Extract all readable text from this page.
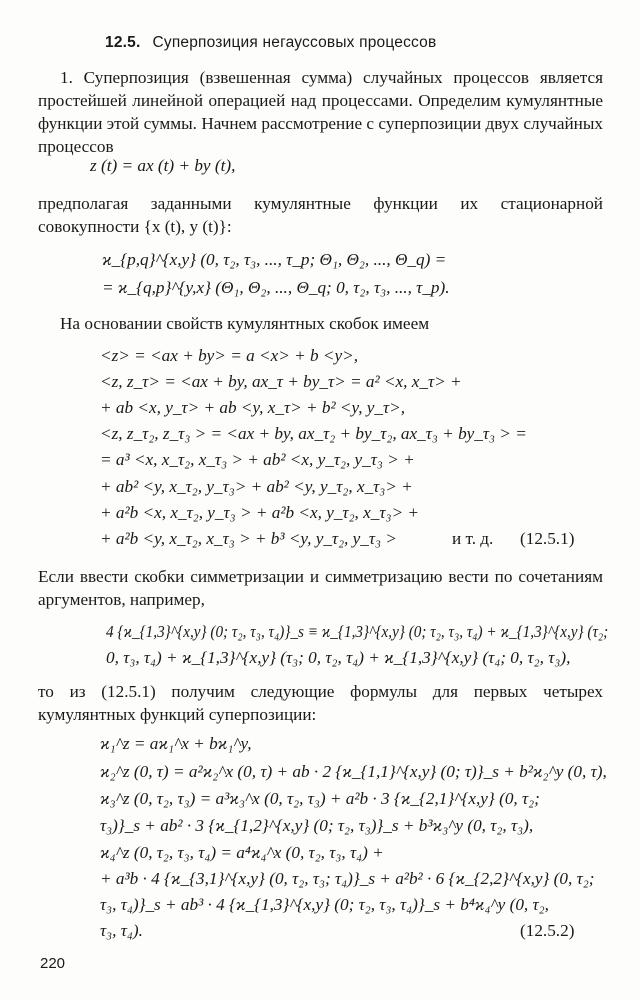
12.5. Суперпозиция негауссовых процессов

1. Суперпозиция (взвешенная сумма) случайных процессов является простейшей линейной операцией над процессами. Определим кумулянтные функции этой суммы. Начнем рассмотрение с суперпозиции двух случайных процессов

z (t) = ax (t) + by (t),

предполагая заданными кумулянтные функции их стационарной совокупности {x (t), y (t)}:

ϰ_{p,q}^{x,y} (0, τ₂, τ₃, ..., τ_p; Θ₁, Θ₂, ..., Θ_q) =
= ϰ_{q,p}^{y,x} (Θ₁, Θ₂, ..., Θ_q; 0, τ₂, τ₃, ..., τ_p).

На основании свойств кумулянтных скобок имеем

<z> = <ax + by> = a <x> + b <y>,
<z, z_τ> = <ax + by, ax_τ + by_τ> = a² <x, x_τ> +
+ ab <x, y_τ> + ab <y, x_τ> + b² <y, y_τ>,
<z, z_τ₂, z_τ₃ > = <ax + by, ax_τ₂ + by_τ₂, ax_τ₃ + by_τ₃ > =
= a³ <x, x_τ₂, x_τ₃ > + ab² <x, y_τ₂, y_τ₃ > +
+ ab² <y, x_τ₂, y_τ₃> + ab² <y, y_τ₂, x_τ₃> +
+ a²b <x, x_τ₂, y_τ₃ > + a²b <x, y_τ₂, x_τ₃> +
+ a²b <y, x_τ₂, x_τ₃ > + b³ <y, y_τ₂, y_τ₃ >	и т. д. (12.5.1)

Если ввести скобки симметризации и симметризацию вести по сочетаниям аргументов, например,

4 {ϰ_{1,3}^{x,y} (0; τ₂, τ₃, τ₄)}_s ≡ ϰ_{1,3}^{x,y} (0; τ₂, τ₃, τ₄) + ϰ_{1,3}^{x,y} (τ₂;
0, τ₃, τ₄) + ϰ_{1,3}^{x,y} (τ₃; 0, τ₂, τ₄) + ϰ_{1,3}^{x,y} (τ₄; 0, τ₂, τ₃),

то из (12.5.1) получим следующие формулы для первых четырех кумулянтных функций суперпозиции:

ϰ₁^z = aϰ₁^x + bϰ₁^y,
ϰ₂^z (0, τ) = a²ϰ₂^x (0, τ) + ab · 2 {ϰ_{1,1}^{x,y} (0; τ)}_s + b²ϰ₂^y (0, τ),
ϰ₃^z (0, τ₂, τ₃) = a³ϰ₃^x (0, τ₂, τ₃) + a²b · 3 {ϰ_{2,1}^{x,y} (0, τ₂;
τ₃)}_s + ab² · 3 {ϰ_{1,2}^{x,y} (0; τ₂, τ₃)}_s + b³ϰ₃^y (0, τ₂, τ₃),
ϰ₄^z (0, τ₂, τ₃, τ₄) = a⁴ϰ₄^x (0, τ₂, τ₃, τ₄) +
+ a³b · 4 {ϰ_{3,1}^{x,y} (0, τ₂, τ₃; τ₄)}_s + a²b² · 6 {ϰ_{2,2}^{x,y} (0, τ₂;
τ₃, τ₄)}_s + ab³ · 4 {ϰ_{1,3}^{x,y} (0; τ₂, τ₃, τ₄)}_s + b⁴ϰ₄^y (0, τ₂,
τ₃, τ₄).	(12.5.2)
220
